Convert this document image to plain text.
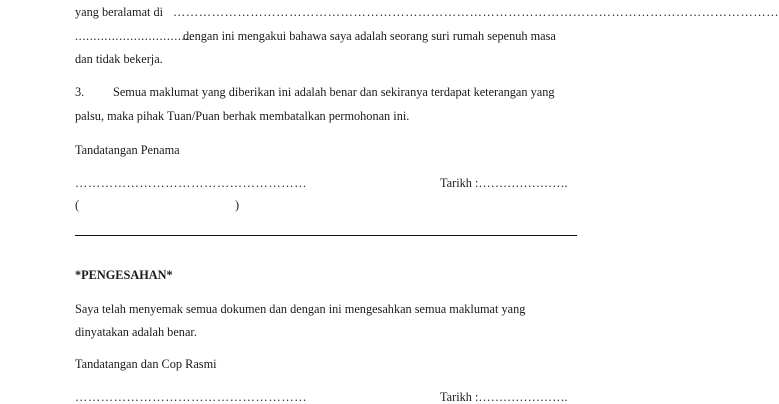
yang beralamat di ……………………………………………………………………………………………………………………………
................................
dengan ini mengakui bahawa saya adalah seorang suri rumah sepenuh masa
dan tidak bekerja.
3. Semua maklumat yang diberikan ini adalah benar dan sekiranya terdapat keterangan yang
palsu, maka pihak Tuan/Puan berhak membatalkan permohonan ini.
Tandatangan Penama
………………………………………………	Tarikh :………………….
(	)
*PENGESAHAN*
Saya telah menyemak semua dokumen dan dengan ini mengesahkan semua maklumat yang
dinyatakan adalah benar.
Tandatangan dan Cop Rasmi
………………………………………………	Tarikh :………………….
